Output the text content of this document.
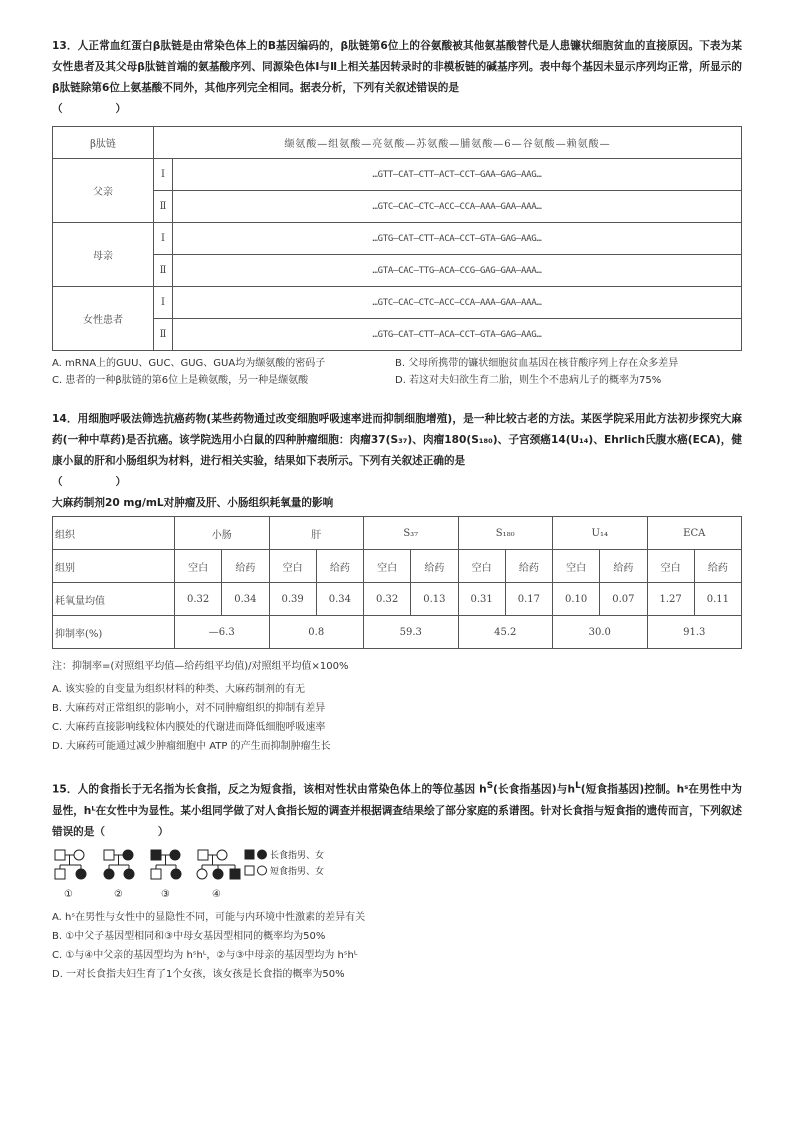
13．人正常血红蛋白β肽链是由常染色体上的B基因编码的，β肽链第6位上的谷氨酸被其他氨基酸替代是人患镰状细胞贫血的直接原因。下表为某女性患者及其父母β肽链首端的氨基酸序列、同源染色体Ⅰ与Ⅱ上相关基因转录时的非模板链的碱基序列。表中每个基因未显示序列均正常，所显示的β肽链除第6位上氨基酸不同外，其他序列完全相同。据表分析，下列有关叙述错误的是
（　　　　　）
β肽链	缬氨酸—组氨酸—亮氨酸—苏氨酸—脯氨酸—6—谷氨酸—赖氨酸—	
父亲	Ⅰ	…GTT—CAT—CTT—ACT—CCT—GAA—GAG—AAG…
	Ⅱ	…GTC—CAC—CTC—ACC—CCA—AAA—GAA—AAA…
母亲	Ⅰ	…GTG—CAT—CTT—ACA—CCT—GTA—GAG—AAG…
	Ⅱ	…GTA—CAC—TTG—ACA—CCG—GAG—GAA—AAA…
女性患者	Ⅰ	…GTC—CAC—CTC—ACC—CCA—AAA—GAA—AAA…
	Ⅱ	…GTG—CAT—CTT—ACA—CCT—GTA—GAG—AAG…
A. mRNA上的GUU、GUC、GUG、GUA均为缬氨酸的密码子	B. 父母所携带的镰状细胞贫血基因在核苷酸序列上存在众多差异
C. 患者的一种β肽链的第6位上是赖氨酸，另一种是缬氨酸	D. 若这对夫妇欲生育二胎，则生个不患病儿子的概率为75%
14．用细胞呼吸法筛选抗癌药物(某些药物通过改变细胞呼吸速率进而抑制细胞增殖)，是一种比较古老的方法。某医学院采用此方法初步探究大麻药(一种中草药)是否抗癌。该学院选用小白鼠的四种肿瘤细胞：肉瘤37(S₃₇)、肉瘤180(S₁₈₀)、子宫颈癌14(U₁₄)、Ehrlich氏腹水癌(ECA)，健康小鼠的肝和小肠组织为材料，进行相关实验，结果如下表所示。下列有关叙述正确的是
（　　　　　）
大麻药制剂20 mg/mL对肿瘤及肝、小肠组织耗氧量的影响
组织	小肠		肝		S₃₇		S₁₈₀		U₁₄		ECA	
组别	空白	给药	空白	给药	空白	给药	空白	给药	空白	给药	空白	给药
耗氧量均值	0.32	0.34	0.39	0.34	0.32	0.13	0.31	0.17	0.10	0.07	1.27	0.11
抑制率(%)	—6.3		0.8		59.3		45.2		30.0		91.3	
注：抑制率=(对照组平均值—给药组平均值)/对照组平均值×100%
A. 该实验的自变量为组织材料的种类、大麻药制剂的有无
B. 大麻药对正常组织的影响小，对不同肿瘤组织的抑制有差异
C. 大麻药直接影响线粒体内膜处的代谢进而降低细胞呼吸速率
D. 大麻药可能通过减少肿瘤细胞中 ATP 的产生而抑制肿瘤生长
15．人的食指长于无名指为长食指，反之为短食指，该相对性状由常染色体上的等位基因 $h^S$(长食指基因)与$h^L$(短食指基因)控制。hˢ在男性中为显性，hᴸ在女性中为显性。某小组同学做了对人食指长短的调查并根据调查结果绘了部分家庭的系谱图。针对长食指与短食指的遗传而言，下列叙述错误的是（　　　　　）
长食指男、女
短食指男、女
①	②	③	④
A. hˢ在男性与女性中的显隐性不同，可能与内环境中性激素的差异有关
B. ①中父子基因型相同和③中母女基因型相同的概率均为50%
C. ①与④中父亲的基因型均为 hˢhᴸ，②与③中母亲的基因型均为 hˢhᴸ
D. 一对长食指夫妇生育了1个女孩，该女孩是长食指的概率为50%
